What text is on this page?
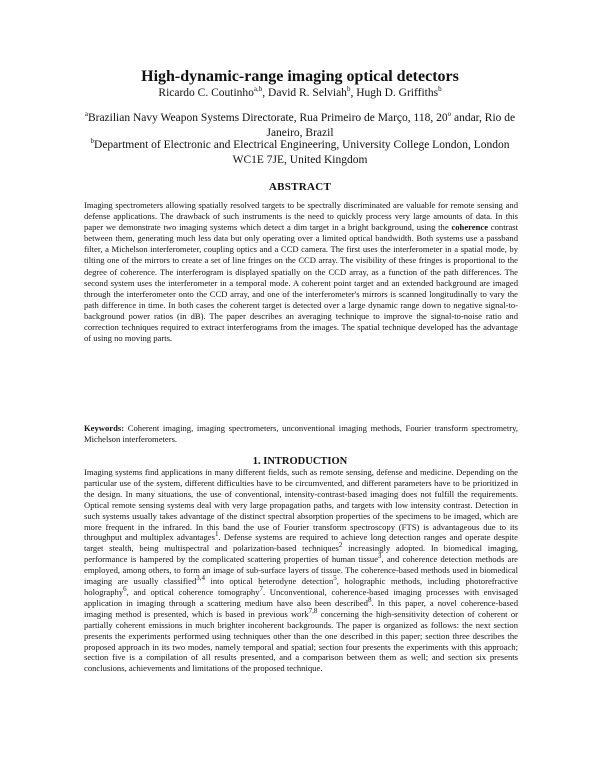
High-dynamic-range imaging optical detectors
Ricardo C. Coutinho$^{a,b}$, David R. Selviah$^b$, Hugh D. Griffiths$^b$
$^a$Brazilian Navy Weapon Systems Directorate, Rua Primeiro de Março, 118, 20$^o$ andar, Rio de Janeiro, Brazil
$^b$Department of Electronic and Electrical Engineering, University College London, London WC1E 7JE, United Kingdom
ABSTRACT

Imaging spectrometers allowing spatially resolved targets to be spectrally discriminated are valuable for remote sensing and defense applications. The drawback of such instruments is the need to quickly process very large amounts of data. In this paper we demonstrate two imaging systems which detect a dim target in a bright background, using the coherence contrast between them, generating much less data but only operating over a limited optical bandwidth. Both systems use a passband filter, a Michelson interferometer, coupling optics and a CCD camera. The first uses the interferometer in a spatial mode, by tilting one of the mirrors to create a set of line fringes on the CCD array. The visibility of these fringes is proportional to the degree of coherence. The interferogram is displayed spatially on the CCD array, as a function of the path differences. The second system uses the interferometer in a temporal mode. A coherent point target and an extended background are imaged through the interferometer onto the CCD array, and one of the interferometer's mirrors is scanned longitudinally to vary the path difference in time. In both cases the coherent target is detected over a large dynamic range down to negative signal-to-background power ratios (in dB). The paper describes an averaging technique to improve the signal-to-noise ratio and correction techniques required to extract interferograms from the images. The spatial technique developed has the advantage of using no moving parts.

Keywords: Coherent imaging, imaging spectrometers, unconventional imaging methods, Fourier transform spectrometry, Michelson interferometers.

1. INTRODUCTION

Imaging systems find applications in many different fields, such as remote sensing, defense and medicine. Depending on the particular use of the system, different difficulties have to be circumvented, and different parameters have to be prioritized in the design. In many situations, the use of conventional, intensity-contrast-based imaging does not fulfill the requirements. Optical remote sensing systems deal with very large propagation paths, and targets with low intensity contrast. Detection in such systems usually takes advantage of the distinct spectral absorption properties of the specimens to be imaged, which are more frequent in the infrared. In this band the use of Fourier transform spectroscopy (FTS) is advantageous due to its throughput and multiplex advantages$^1$. Defense systems are required to achieve long detection ranges and operate despite target stealth, being multispectral and polarization-based techniques$^2$ increasingly adopted. In biomedical imaging, performance is hampered by the complicated scattering properties of human tissue$^3$, and coherence detection methods are employed, among others, to form an image of sub-surface layers of tissue. The coherence-based methods used in biomedical imaging are usually classified$^{3,4}$ into optical heterodyne detection$^5$, holographic methods, including photorefractive holography$^6$, and optical coherence tomography$^7$. Unconventional, coherence-based imaging processes with envisaged application in imaging through a scattering medium have also been described$^8$. In this paper, a novel coherence-based imaging method is presented, which is based in previous work$^{7,8}$ concerning the high-sensitivity detection of coherent or partially coherent emissions in much brighter incoherent backgrounds. The paper is organized as follows: the next section presents the experiments performed using techniques other than the one described in this paper; section three describes the proposed approach in its two modes, namely temporal and spatial; section four presents the experiments with this approach; section five is a compilation of all results presented, and a comparison between them as well; and section six presents conclusions, achievements and limitations of the proposed technique.
